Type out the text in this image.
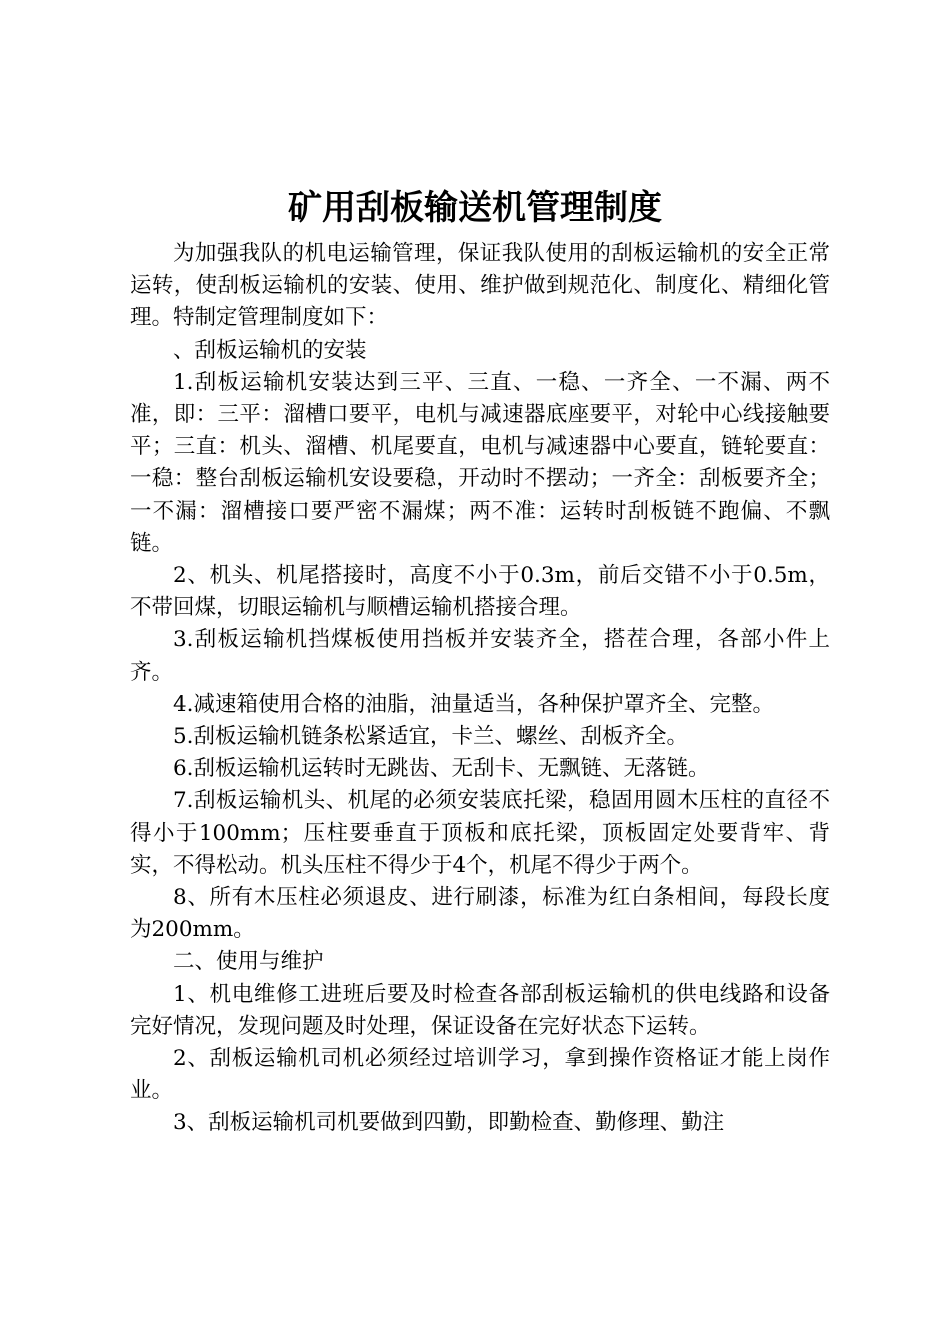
矿用刮板输送机管理制度

为加强我队的机电运输管理，保证我队使用的刮板运输机的安全正常运转，使刮板运输机的安装、使用、维护做到规范化、制度化、精细化管理。特制定管理制度如下：

、刮板运输机的安装

1.刮板运输机安装达到三平、三直、一稳、一齐全、一不漏、两不准，即：三平：溜槽口要平，电机与减速器底座要平，对轮中心线接触要平；三直：机头、溜槽、机尾要直，电机与减速器中心要直，链轮要直：一稳：整台刮板运输机安设要稳，开动时不摆动；一齐全：刮板要齐全；一不漏：溜槽接口要严密不漏煤；两不准：运转时刮板链不跑偏、不飘链。

2、机头、机尾搭接时，高度不小于0.3m，前后交错不小于0.5m，不带回煤，切眼运输机与顺槽运输机搭接合理。

3.刮板运输机挡煤板使用挡板并安装齐全，搭茬合理，各部小件上齐。

4.减速箱使用合格的油脂，油量适当，各种保护罩齐全、完整。

5.刮板运输机链条松紧适宜，卡兰、螺丝、刮板齐全。

6.刮板运输机运转时无跳齿、无刮卡、无飘链、无落链。

7.刮板运输机头、机尾的必须安装底托梁，稳固用圆木压柱的直径不得小于100mm；压柱要垂直于顶板和底托梁，顶板固定处要背牢、背实，不得松动。机头压柱不得少于4个，机尾不得少于两个。

8、所有木压柱必须退皮、进行刷漆，标准为红白条相间，每段长度为200mm。

二、使用与维护

1、机电维修工进班后要及时检查各部刮板运输机的供电线路和设备完好情况，发现问题及时处理，保证设备在完好状态下运转。

2、刮板运输机司机必须经过培训学习，拿到操作资格证才能上岗作业。

3、刮板运输机司机要做到四勤，即勤检查、勤修理、勤注
